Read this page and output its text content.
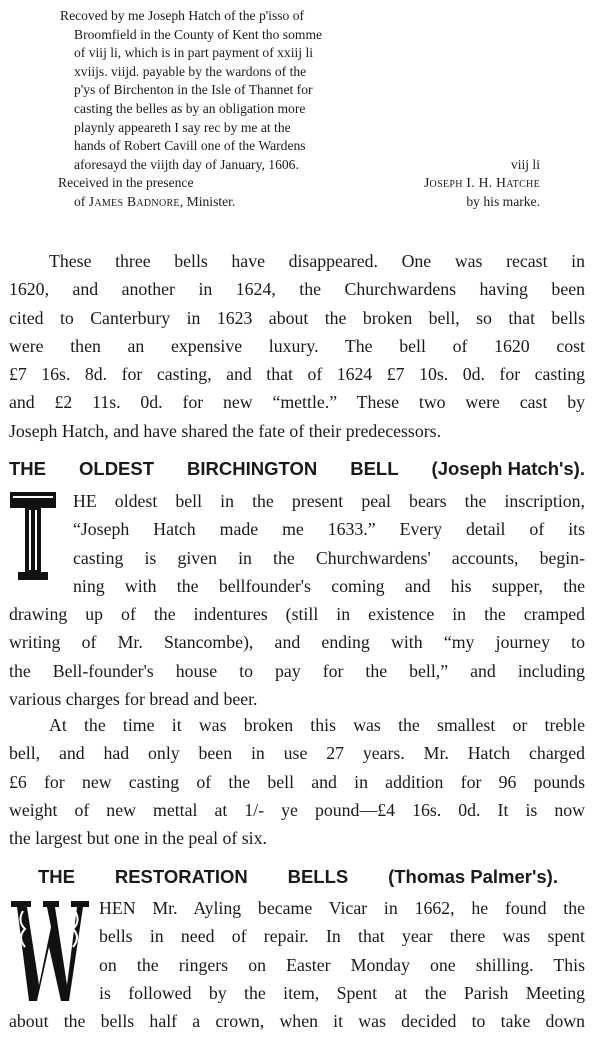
Recoved by me Joseph Hatch of the p'isso of
Broomfield in the County of Kent tho somme
of viij li, which is in part payment of xxiij li
xviijs. viijd. payable by the wardons of the
p'ys of Birchenton in the Isle of Thannet for
casting the belles as by an obligation more
playnly appeareth I say rec by me at the
hands of Robert Cavill one of the Wardens
aforesayd the viijth day of January, 1606.	viij li
Received in the presence	Joseph I. H. Hatche
of James Badnore, Minister.	by his marke.
These three bells have disappeared. One was recast in
1620, and another in 1624, the Churchwardens having been
cited to Canterbury in 1623 about the broken bell, so that bells
were then an expensive luxury. The bell of 1620 cost
£7 16s. 8d. for casting, and that of 1624 £7 10s. 0d. for casting
and £2 11s. 0d. for new “mettle.” These two were cast by
Joseph Hatch, and have shared the fate of their predecessors.
THE OLDEST BIRCHINGTON BELL (Joseph Hatch's).
T
HE oldest bell in the present peal bears the inscription,
“Joseph Hatch made me 1633.” Every detail of its
casting is given in the Churchwardens' accounts, begin-
ning with the bellfounder's coming and his supper, the
drawing up of the indentures (still in existence in the cramped
writing of Mr. Stancombe), and ending with “my journey to
the Bell-founder's house to pay for the bell,” and including
various charges for bread and beer.
At the time it was broken this was the smallest or treble
bell, and had only been in use 27 years. Mr. Hatch charged
£6 for new casting of the bell and in addition for 96 pounds
weight of new mettal at 1/- ye pound—£4 16s. 0d. It is now
the largest but one in the peal of six.
THE RESTORATION BELLS (Thomas Palmer's).
W
HEN Mr. Ayling became Vicar in 1662, he found the
bells in need of repair. In that year there was spent
on the ringers on Easter Monday one shilling. This
is followed by the item, Spent at the Parish Meeting
about the bells half a crown, when it was decided to take down
